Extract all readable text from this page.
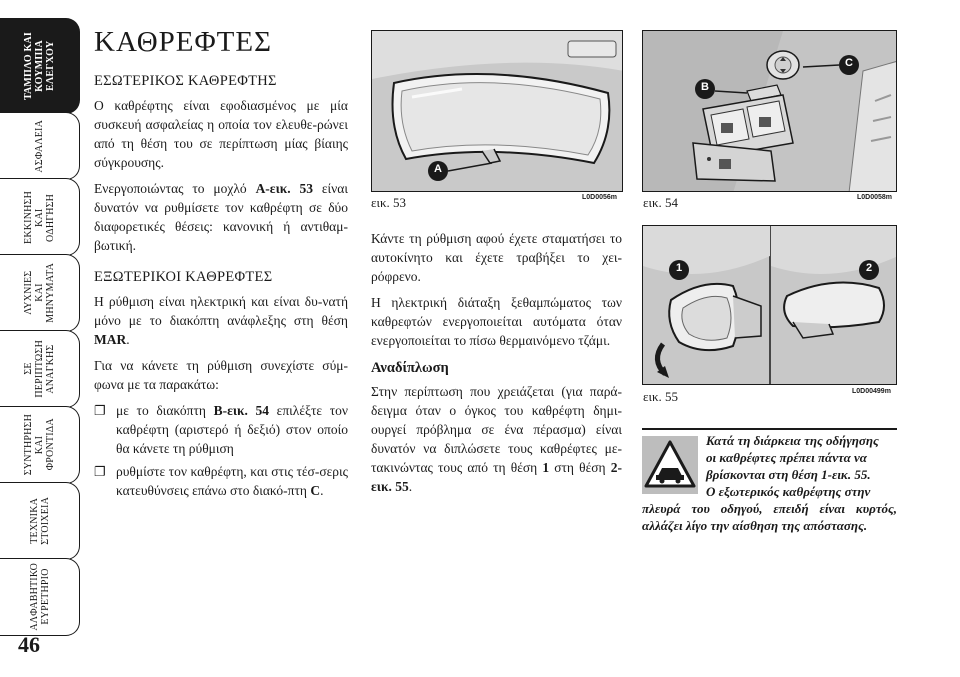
ΤΑΜΠΛΟ ΚΑΙ
ΚΟΥΜΠΙΑ
ΕΛΕΓΧΟΥ
ΑΣΦΑΛΕΙΑ
ΕΚΚΙΝΗΣΗ
ΚΑΙ
ΟΔΗΓΗΣΗ
ΛΥΧΝΙΕΣ
ΚΑΙ
ΜΗΝΥΜΑΤΑ
ΣΕ
ΠΕΡΙΠΤΩΣΗ
ΑΝΑΓΚΗΣ
ΣΥΝΤΗΡΗΣΗ
ΚΑΙ
ΦΡΟΝΤΙΔΑ
ΤΕΧΝΙΚΑ
ΣΤΟΙΧΕΙΑ
ΑΛΦΑΒΗΤΙΚΟ
ΕΥΡΕΤΗΡΙΟ
46
ΚΑΘΡΕΦΤΕΣ
ΕΣΩΤΕΡΙΚΟΣ ΚΑΘΡΕΦΤΗΣ

Ο καθρέφτης είναι εφοδιασμένος με μία συσκευή ασφαλείας η οποία τον ελευθε-ρώνει από τη θέση του σε περίπτωση μίας βίαιης σύγκρουσης.

Ενεργοποιώντας το μοχλό A-εικ. 53 είναι δυνατόν να ρυθμίσετε τον καθρέφτη σε δύο διαφορετικές θέσεις: κανονική ή αντιθαμ-βωτική.

ΕΞΩΤΕΡΙΚΟΙ ΚΑΘΡΕΦΤΕΣ

Η ρύθμιση είναι ηλεκτρική και είναι δυ-νατή μόνο με το διακόπτη ανάφλεξης στη θέση MAR.

Για να κάνετε τη ρύθμιση συνεχίστε σύμ-φωνα με τα παρακάτω:

❐ με το διακόπτη B-εικ. 54 επιλέξτε τον καθρέφτη (αριστερό ή δεξιό) στον οποίο θα κάνετε τη ρύθμιση
❐ ρυθμίστε τον καθρέφτη, και στις τέσ-σερις κατευθύνσεις επάνω στο διακό-πτη C.
A
εικ. 53	L0D0056m
B
C
εικ. 54	L0D0058m
1	2
εικ. 55	L0D00499m

Κάντε τη ρύθμιση αφού έχετε σταματήσει το αυτοκίνητο και έχετε τραβήξει το χει-ρόφρενο.

Η ηλεκτρική διάταξη ξεθαμπώματος των καθρεφτών ενεργοποιείται αυτόματα όταν ενεργοποιείται το πίσω θερμαινόμενο τζάμι.

Αναδίπλωση

Στην περίπτωση που χρειάζεται (για παρά-δειγμα όταν ο όγκος του καθρέφτη δημι-ουργεί πρόβλημα σε ένα πέρασμα) είναι δυνατόν να διπλώσετε τους καθρέφτες με-τακινώντας τους από τη θέση 1 στη θέση 2-εικ. 55.

Κατά τη διάρκεια της οδήγησης
οι καθρέφτες πρέπει πάντα να
βρίσκονται στη θέση 1-εικ. 55.
Ο εξωτερικός καθρέφτης στην
πλευρά του οδηγού, επειδή είναι κυρτός, αλλάζει λίγο την αίσθηση της απόστασης.
